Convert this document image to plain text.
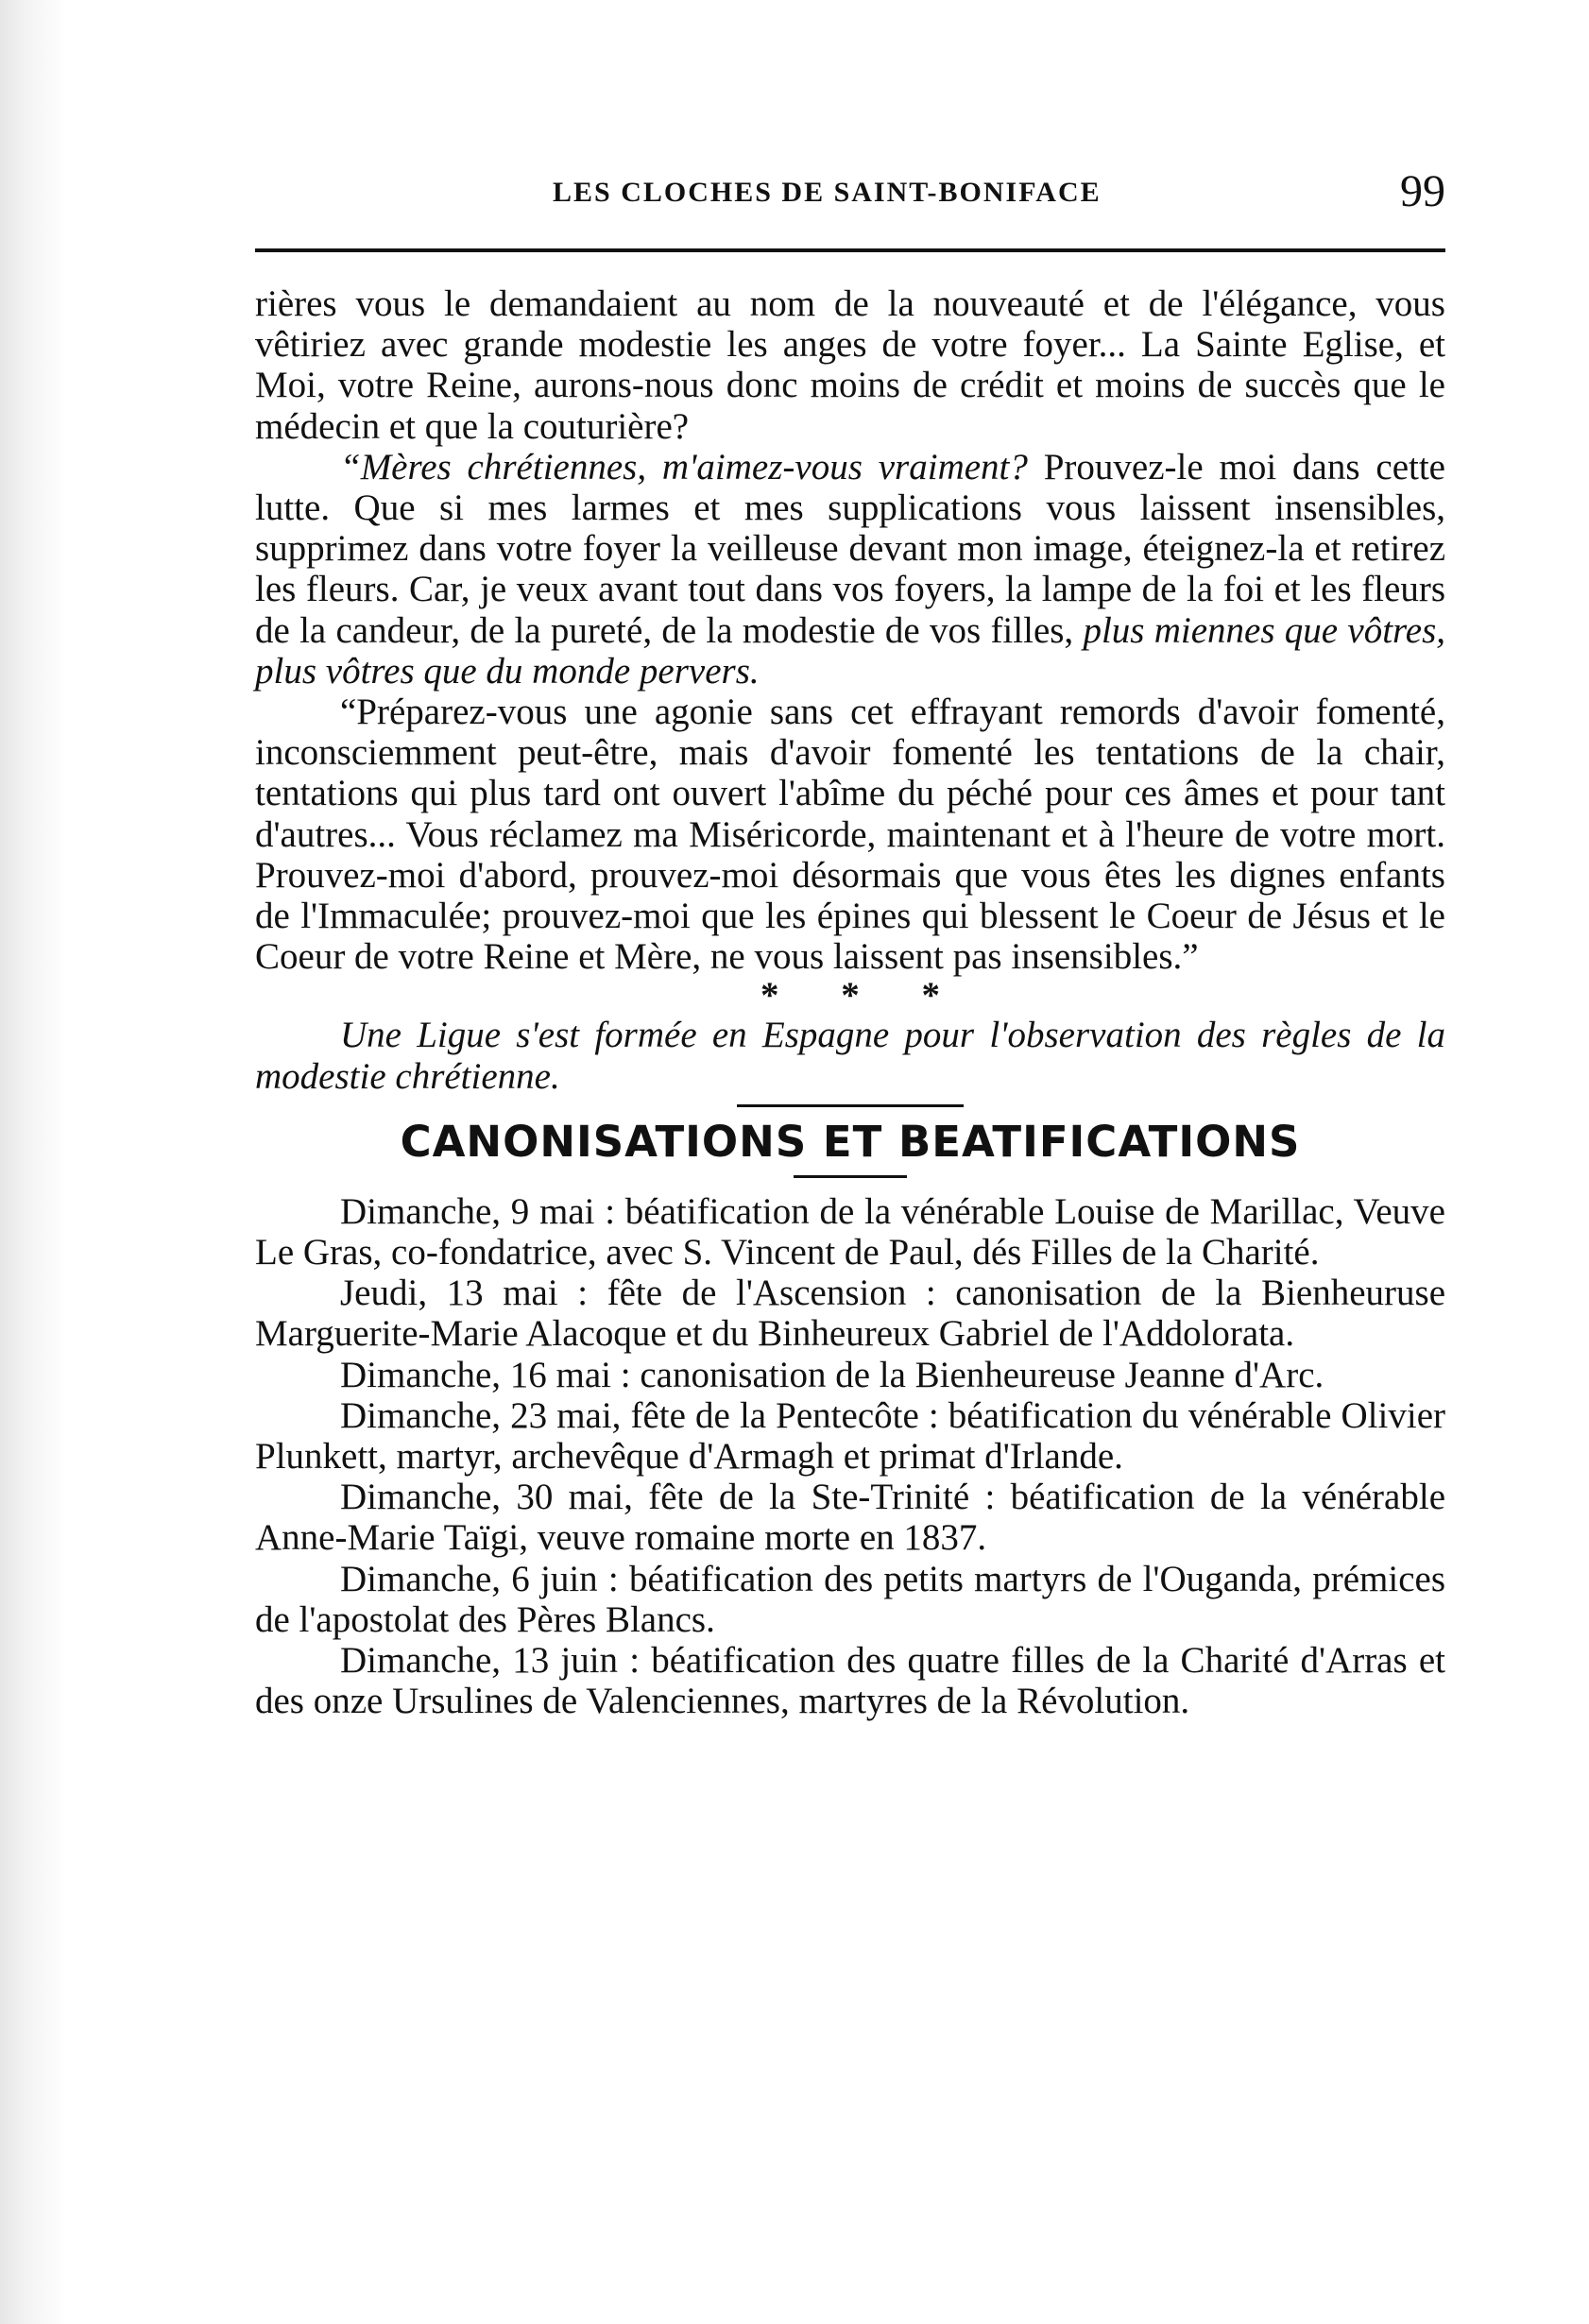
LES CLOCHES DE SAINT-BONIFACE	99

rières vous le demandaient au nom de la nouveauté et de l'élégance, vous vêtiriez avec grande modestie les anges de votre foyer... La Sainte Eglise, et Moi, votre Reine, aurons-nous donc moins de crédit et moins de succès que le médecin et que la couturière?

“Mères chrétiennes, m'aimez-vous vraiment? Prouvez-le moi dans cette lutte. Que si mes larmes et mes supplications vous laissent insensibles, supprimez dans votre foyer la veilleuse devant mon image, éteignez-la et retirez les fleurs. Car, je veux avant tout dans vos foyers, la lampe de la foi et les fleurs de la candeur, de la pureté, de la modestie de vos filles, plus miennes que vôtres, plus vôtres que du monde pervers.

“Préparez-vous une agonie sans cet effrayant remords d'avoir fomenté, inconsciemment peut-être, mais d'avoir fomenté les tentations de la chair, tentations qui plus tard ont ouvert l'abîme du péché pour ces âmes et pour tant d'autres... Vous réclamez ma Miséricorde, maintenant et à l'heure de votre mort. Prouvez-moi d'abord, prouvez-moi désormais que vous êtes les dignes enfants de l'Immaculée; prouvez-moi que les épines qui blessent le Coeur de Jésus et le Coeur de votre Reine et Mère, ne vous laissent pas insensibles.”

* * *

Une Ligue s'est formée en Espagne pour l'observation des règles de la modestie chrétienne.

CANONISATIONS ET BEATIFICATIONS

Dimanche, 9 mai : béatification de la vénérable Louise de Marillac, Veuve Le Gras, co-fondatrice, avec S. Vincent de Paul, dés Filles de la Charité.

Jeudi, 13 mai : fête de l'Ascension : canonisation de la Bienheuruse Marguerite-Marie Alacoque et du Binheureux Gabriel de l'Addolorata.

Dimanche, 16 mai : canonisation de la Bienheureuse Jeanne d'Arc.

Dimanche, 23 mai, fête de la Pentecôte : béatification du vénérable Olivier Plunkett, martyr, archevêque d'Armagh et primat d'Irlande.

Dimanche, 30 mai, fête de la Ste-Trinité : béatification de la vénérable Anne-Marie Taïgi, veuve romaine morte en 1837.

Dimanche, 6 juin : béatification des petits martyrs de l'Ouganda, prémices de l'apostolat des Pères Blancs.

Dimanche, 13 juin : béatification des quatre filles de la Charité d'Arras et des onze Ursulines de Valenciennes, martyres de la Révolution.
